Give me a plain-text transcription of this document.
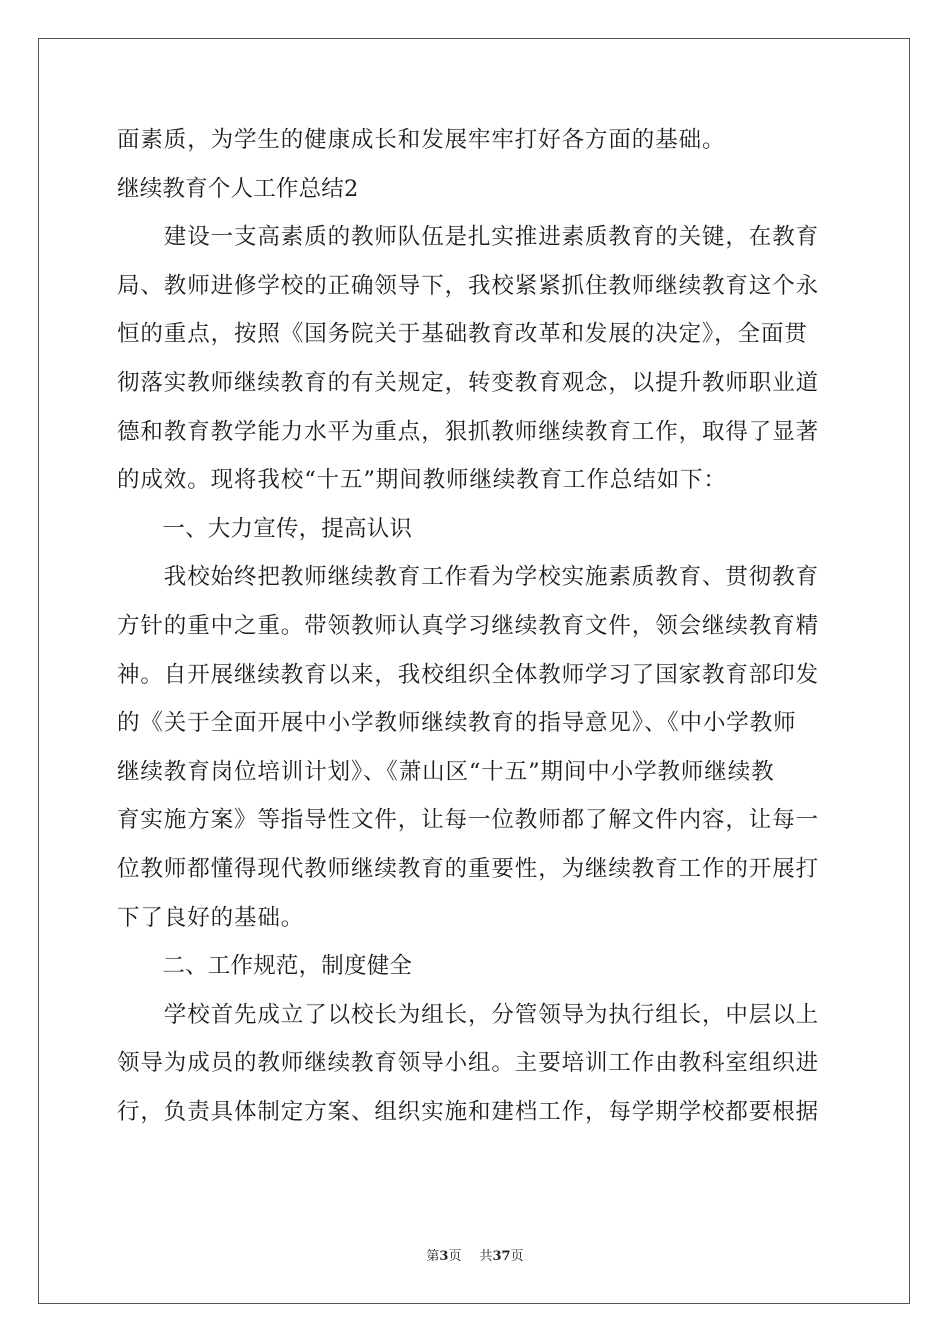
面素质，为学生的健康成长和发展牢牢打好各方面的基础。
继续教育个人工作总结2
　　建设一支高素质的教师队伍是扎实推进素质教育的关键，在教育
局、教师进修学校的正确领导下，我校紧紧抓住教师继续教育这个永
恒的重点，按照《国务院关于基础教育改革和发展的决定》，全面贯
彻落实教师继续教育的有关规定，转变教育观念，以提升教师职业道
德和教育教学能力水平为重点，狠抓教师继续教育工作，取得了显著
的成效。现将我校“十五”期间教师继续教育工作总结如下：
　　一、大力宣传，提高认识
　　我校始终把教师继续教育工作看为学校实施素质教育、贯彻教育
方针的重中之重。带领教师认真学习继续教育文件，领会继续教育精
神。自开展继续教育以来，我校组织全体教师学习了国家教育部印发
的《关于全面开展中小学教师继续教育的指导意见》、《中小学教师
继续教育岗位培训计划》、《萧山区“十五”期间中小学教师继续教
育实施方案》等指导性文件，让每一位教师都了解文件内容，让每一
位教师都懂得现代教师继续教育的重要性，为继续教育工作的开展打
下了良好的基础。
　　二、工作规范，制度健全
　　学校首先成立了以校长为组长，分管领导为执行组长，中层以上
领导为成员的教师继续教育领导小组。主要培训工作由教科室组织进
行，负责具体制定方案、组织实施和建档工作，每学期学校都要根据
第3页 共37页
